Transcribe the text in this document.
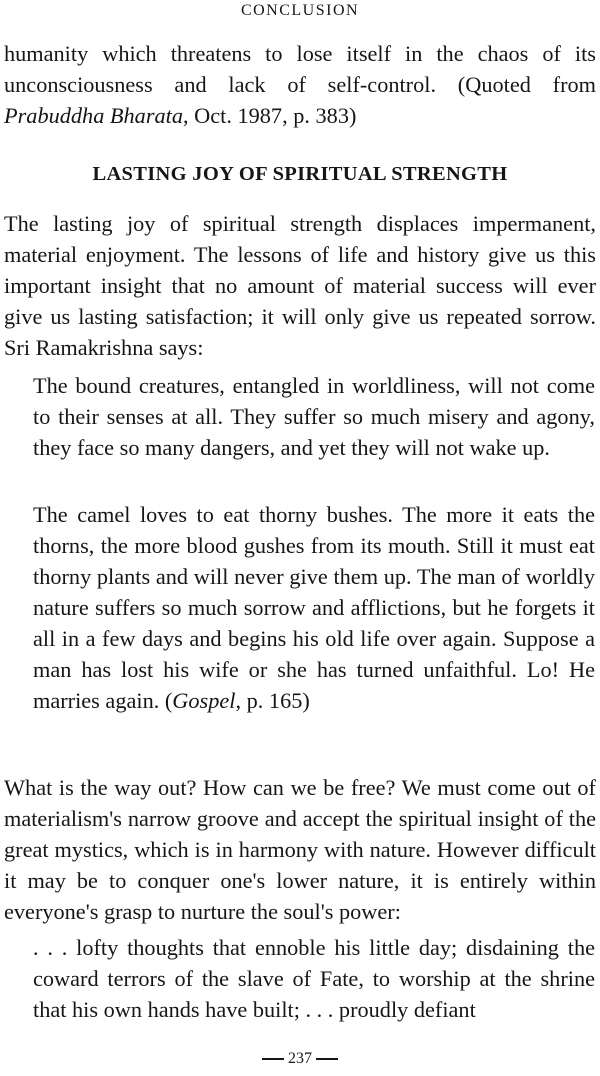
CONCLUSION

humanity which threatens to lose itself in the chaos of its unconsciousness and lack of self-control. (Quoted from Prabuddha Bharata, Oct. 1987, p. 383)

LASTING JOY OF SPIRITUAL STRENGTH

The lasting joy of spiritual strength displaces impermanent, material enjoyment. The lessons of life and history give us this important insight that no amount of material success will ever give us lasting satisfaction; it will only give us repeated sorrow. Sri Ramakrishna says:

The bound creatures, entangled in worldliness, will not come to their senses at all. They suffer so much misery and agony, they face so many dangers, and yet they will not wake up.

The camel loves to eat thorny bushes. The more it eats the thorns, the more blood gushes from its mouth. Still it must eat thorny plants and will never give them up. The man of worldly nature suffers so much sorrow and afflictions, but he forgets it all in a few days and begins his old life over again. Suppose a man has lost his wife or she has turned unfaithful. Lo! He marries again. (Gospel, p. 165)

What is the way out? How can we be free? We must come out of materialism's narrow groove and accept the spiritual insight of the great mystics, which is in harmony with nature. However difficult it may be to conquer one's lower nature, it is entirely within everyone's grasp to nurture the soul's power:

. . . lofty thoughts that ennoble his little day; disdaining the coward terrors of the slave of Fate, to worship at the shrine that his own hands have built; . . . proudly defiant

237
